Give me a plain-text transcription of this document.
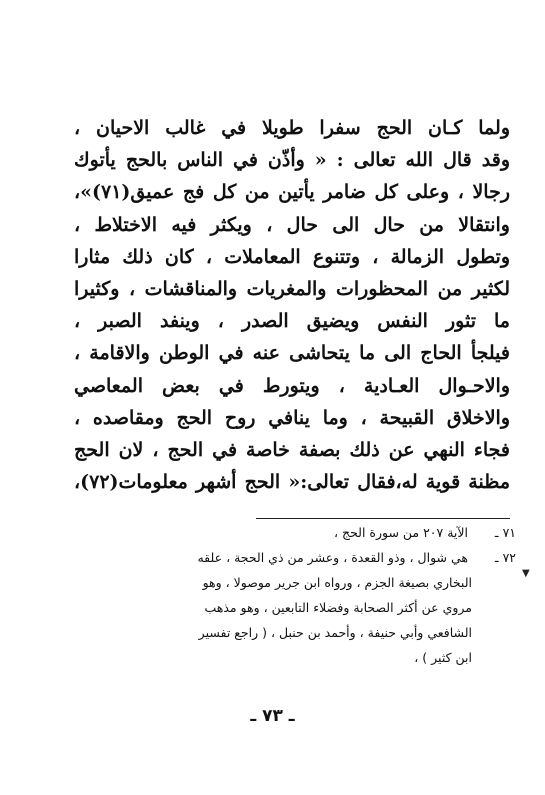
ولما كـان الحج سفرا طويلا في غالب الاحيان ،
وقد قال الله تعالى : « وأذّن في الناس بالحج يأتوك
رجالا ، وعلى كل ضامر يأتين من كل فج عميق(٧١)»،
وانتقالا من حال الى حال ، ويكثر فيه الاختلاط ،
وتطول الزمالة ، وتتنوع المعاملات ، كان ذلك مثارا
لكثير من المحظورات والمغريات والمناقشات ، وكثيرا
ما تثور النفس ويضيق الصدر ، وينفد الصبر ،
فيلجأ الحاج الى ما يتحاشى عنه في الوطن والاقامة ،
والاحـوال العـادية ، ويتورط في بعض المعاصي
والاخلاق القبيحة ، وما ينافي روح الحج ومقاصده ،
فجاء النهي عن ذلك بصفة خاصة في الحج ، لان الحج
مظنة قوية له،فقال تعالى:« الحج أشهر معلومات(٧٢)،
٧١ ـ الآية ٢٠٧ من سورة الحج ،
٧٢ ـ هي شوال ، وذو القعدة ، وعشر من ذي الحجة ، علقه
البخاري بصيغة الجزم ، ورواه ابن جرير موصولا ، وهو
مروي عن أكثر الصحابة وفضلاء التابعين ، وهو مذهب
الشافعي وأبي حنيفة ، وأحمد بن حنبل ، ( راجع تفسير
ابن كثير ) ،
▼
ـ ٧٣ ـ
